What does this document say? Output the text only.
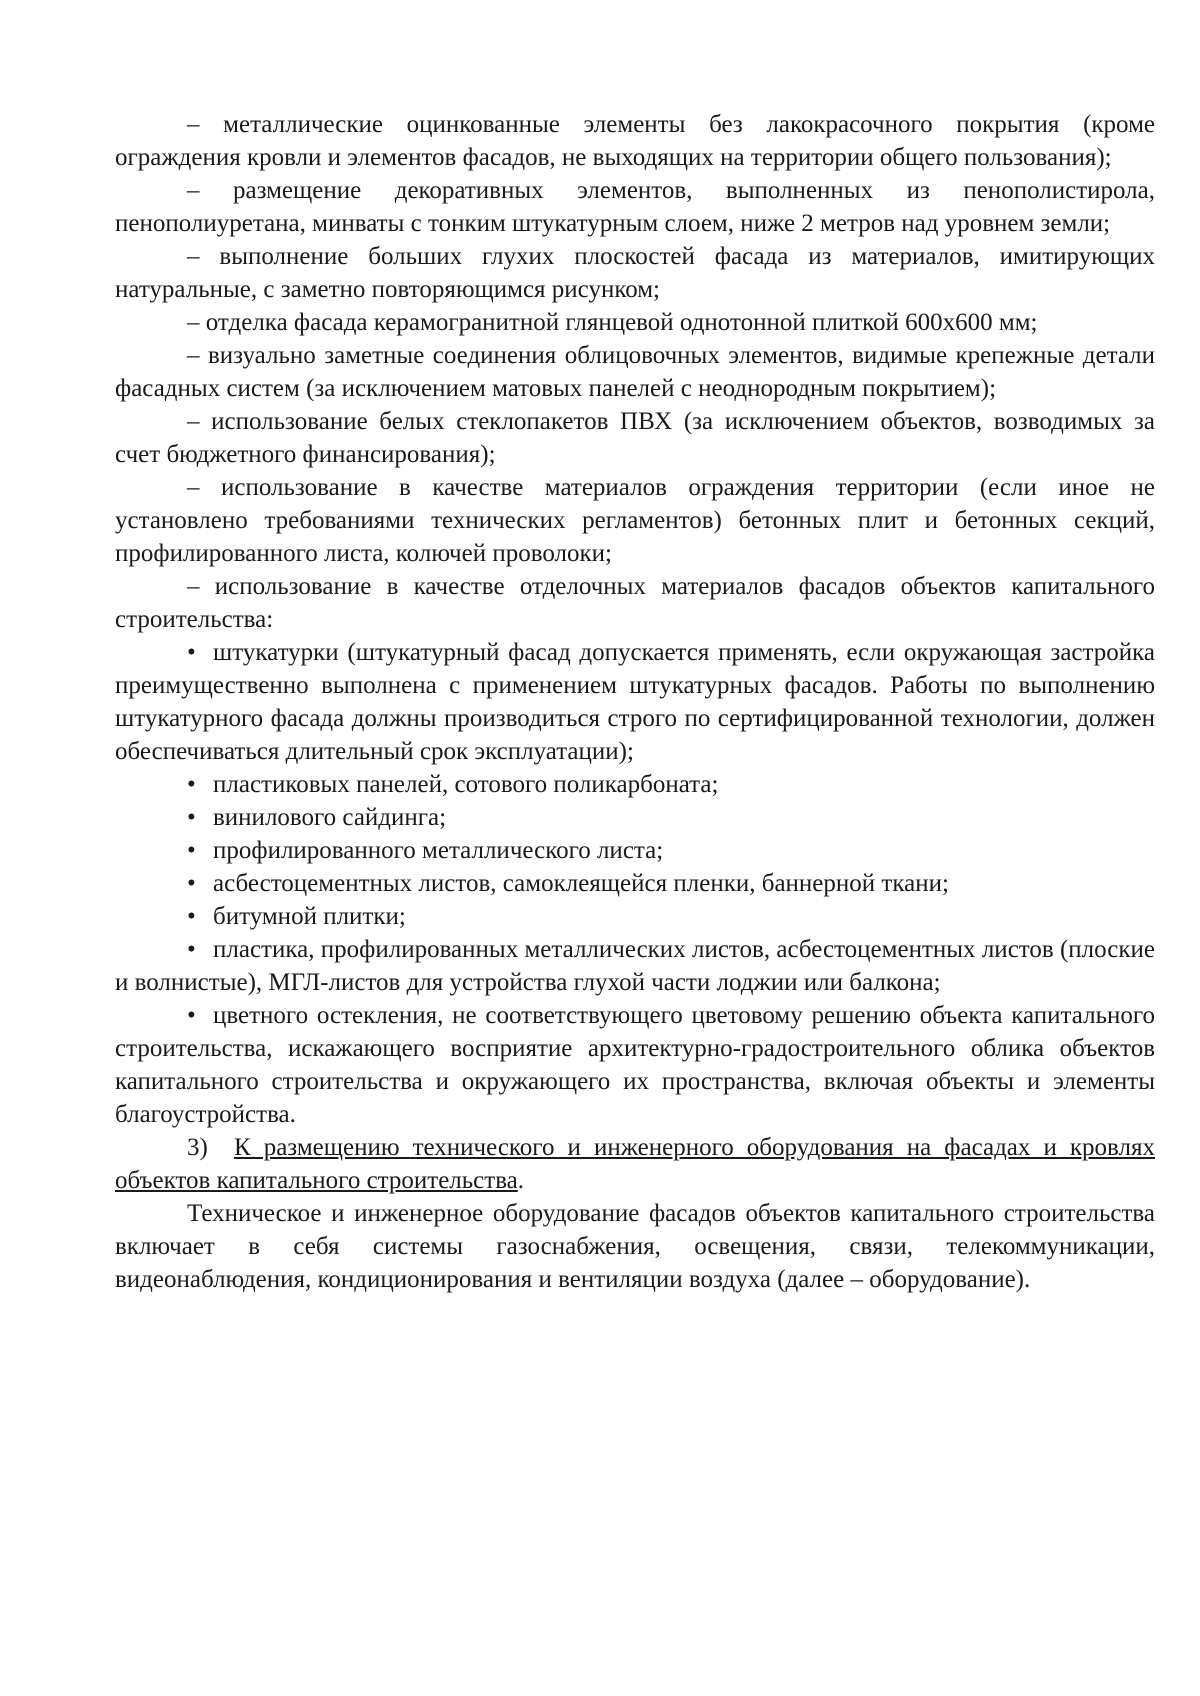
– металлические оцинкованные элементы без лакокрасочного покрытия (кроме ограждения кровли и элементов фасадов, не выходящих на территории общего пользования);

– размещение декоративных элементов, выполненных из пенополистирола, пенополиуретана, минваты с тонким штукатурным слоем, ниже 2 метров над уровнем земли;

– выполнение больших глухих плоскостей фасада из материалов, имитирующих натуральные, с заметно повторяющимся рисунком;

– отделка фасада керамогранитной глянцевой однотонной плиткой 600х600 мм;

– визуально заметные соединения облицовочных элементов, видимые крепежные детали фасадных систем (за исключением матовых панелей с неоднородным покрытием);

– использование белых стеклопакетов ПВХ (за исключением объектов, возводимых за счет бюджетного финансирования);

– использование в качестве материалов ограждения территории (если иное не установлено требованиями технических регламентов) бетонных плит и бетонных секций, профилированного листа, колючей проволоки;

– использование в качестве отделочных материалов фасадов объектов капитального строительства:

• штукатурки (штукатурный фасад допускается применять, если окружающая застройка преимущественно выполнена с применением штукатурных фасадов. Работы по выполнению штукатурного фасада должны производиться строго по сертифицированной технологии, должен обеспечиваться длительный срок эксплуатации);

• пластиковых панелей, сотового поликарбоната;

• винилового сайдинга;

• профилированного металлического листа;

• асбестоцементных листов, самоклеящейся пленки, баннерной ткани;

• битумной плитки;

• пластика, профилированных металлических листов, асбестоцементных листов (плоские и волнистые), МГЛ-листов для устройства глухой части лоджии или балкона;

• цветного остекления, не соответствующего цветовому решению объекта капитального строительства, искажающего восприятие архитектурно-градостроительного облика объектов капитального строительства и окружающего их пространства, включая объекты и элементы благоустройства.

3) К размещению технического и инженерного оборудования на фасадах и кровлях объектов капитального строительства.

Техническое и инженерное оборудование фасадов объектов капитального строительства включает в себя системы газоснабжения, освещения, связи, телекоммуникации, видеонаблюдения, кондиционирования и вентиляции воздуха (далее – оборудование).
